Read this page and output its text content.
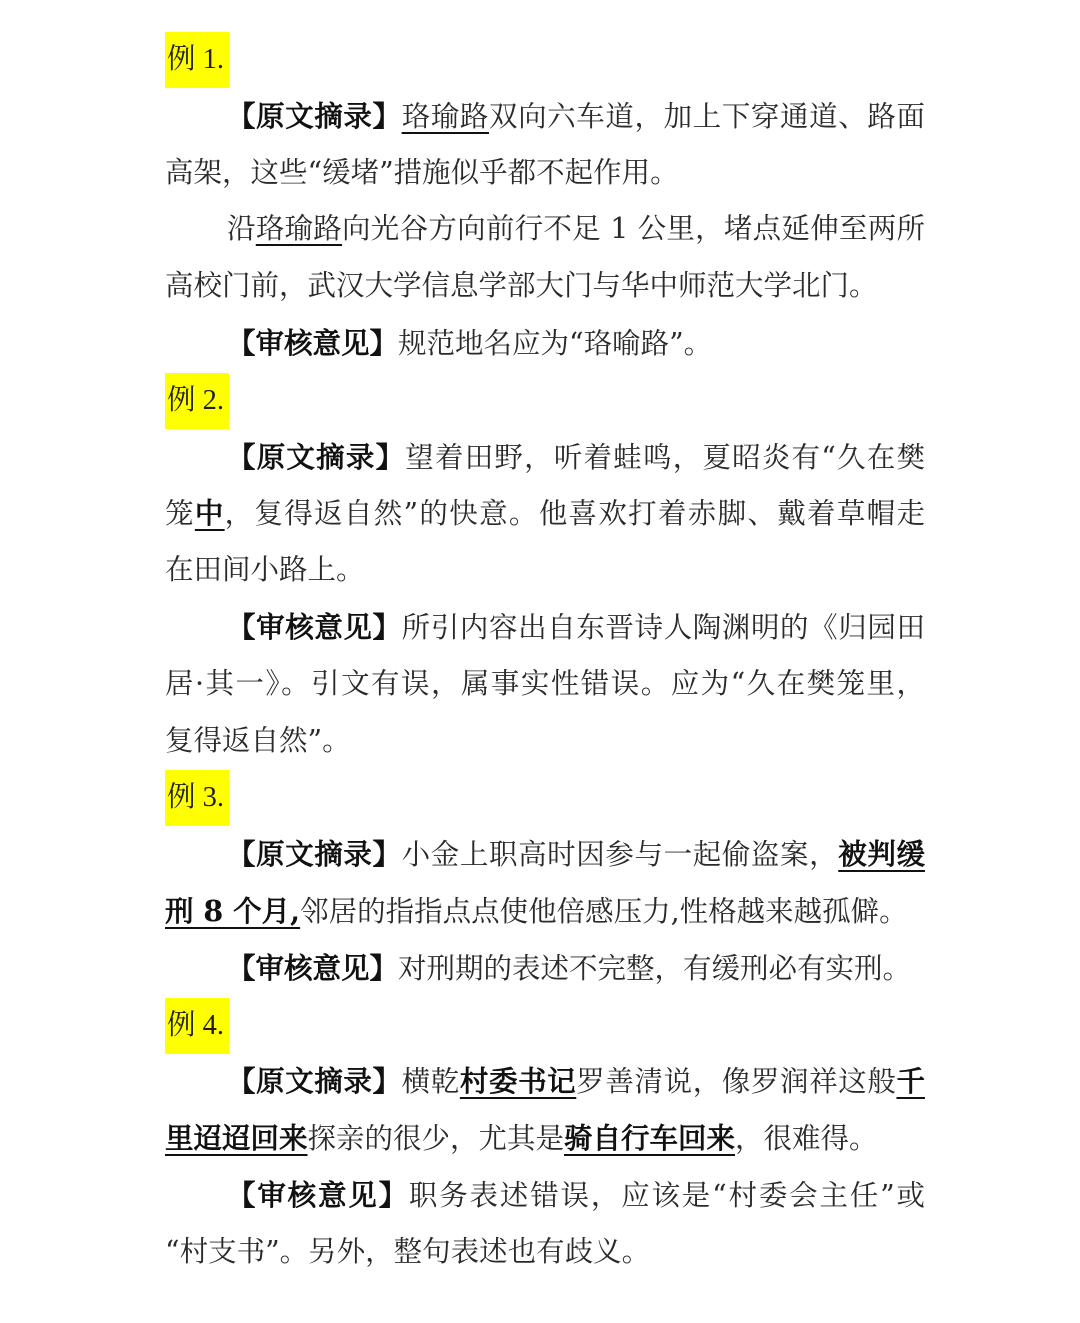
例 1.
【原文摘录】珞瑜路双向六车道，加上下穿通道、路面
高架，这些“缓堵”措施似乎都不起作用。
沿珞瑜路向光谷方向前行不足 1 公里，堵点延伸至两所
高校门前，武汉大学信息学部大门与华中师范大学北门。
【审核意见】规范地名应为“珞喻路”。
例 2.
【原文摘录】望着田野，听着蛙鸣，夏昭炎有“久在樊
笼中，复得返自然”的快意。他喜欢打着赤脚、戴着草帽走
在田间小路上。
【审核意见】所引内容出自东晋诗人陶渊明的《归园田
居·其一》。引文有误，属事实性错误。应为“久在樊笼里，
复得返自然”。
例 3.
【原文摘录】小金上职高时因参与一起偷盗案，被判缓
刑 8 个月,邻居的指指点点使他倍感压力,性格越来越孤僻。
【审核意见】对刑期的表述不完整，有缓刑必有实刑。
例 4.
【原文摘录】横乾村委书记罗善清说，像罗润祥这般千
里迢迢回来探亲的很少，尤其是骑自行车回来，很难得。
【审核意见】职务表述错误，应该是“村委会主任”或
“村支书”。另外，整句表述也有歧义。
